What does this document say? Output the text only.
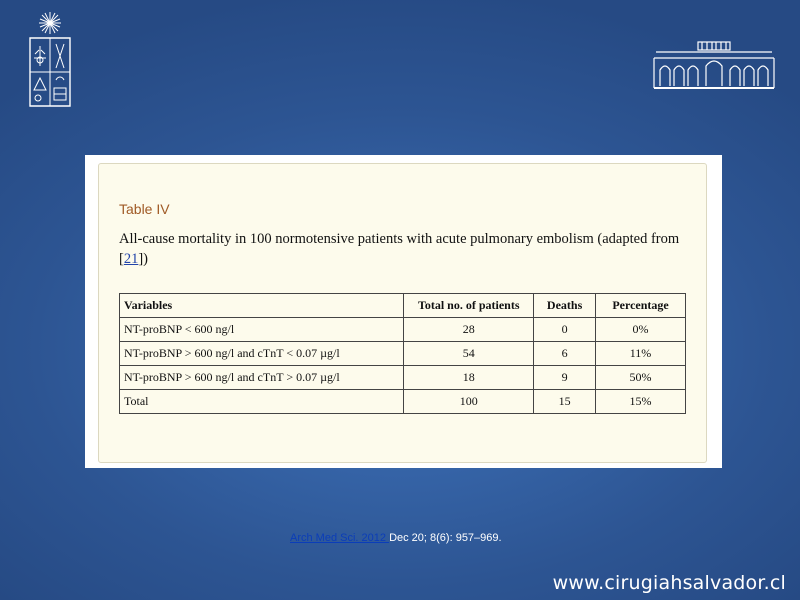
Table IV
All-cause mortality in 100 normotensive patients with acute pulmonary embolism (adapted from [21])
Variables	Total no. of patients	Deaths	Percentage
NT-proBNP < 600 ng/l	28	0	0%
NT-proBNP > 600 ng/l and cTnT < 0.07 µg/l	54	6	11%
NT-proBNP > 600 ng/l and cTnT > 0.07 µg/l	18	9	50%
Total	100	15	15%
Arch Med Sci. 2012 Dec 20; 8(6): 957–969.
www.cirugiahsalvador.cl
